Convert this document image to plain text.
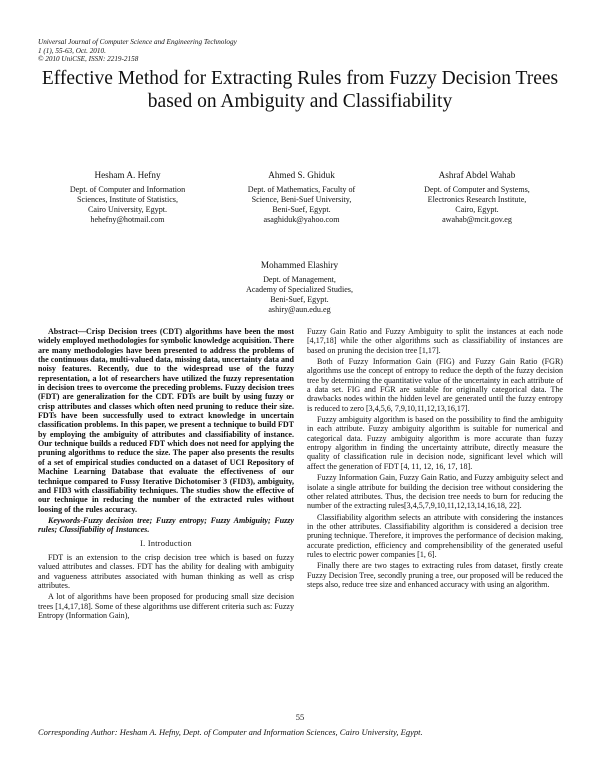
Universal Journal of Computer Science and Engineering Technology
1 (1), 55-63, Oct. 2010.
© 2010 UniCSE, ISSN: 2219-2158
Effective Method for Extracting Rules from Fuzzy Decision Trees based on Ambiguity and Classifiability
Hesham A. Hefny
Dept. of Computer and Information
Sciences, Institute of Statistics,
Cairo University, Egypt.
hehefny@hotmail.com
Ahmed S. Ghiduk
Dept. of Mathematics, Faculty of
Science, Beni-Suef University,
Beni-Suef, Egypt.
asaghiduk@yahoo.com
Ashraf Abdel Wahab
Dept. of Computer and Systems,
Electronics Research Institute,
Cairo, Egypt.
awahab@mcit.gov.eg
Mohammed Elashiry
Dept. of Management,
Academy of Specialized Studies,
Beni-Suef, Egypt.
ashiry@aun.edu.eg

Abstract—Crisp Decision trees (CDT) algorithms have been the most widely employed methodologies for symbolic knowledge acquisition. There are many methodologies have been presented to address the problems of the continuous data, multi-valued data, missing data, uncertainty data and noisy features. Recently, due to the widespread use of the fuzzy representation, a lot of researchers have utilized the fuzzy representation in decision trees to overcome the preceding problems. Fuzzy decision trees (FDT) are generalization for the CDT. FDTs are built by using fuzzy or crisp attributes and classes which often need pruning to reduce their size. FDTs have been successfully used to extract knowledge in uncertain classification problems. In this paper, we present a technique to build FDT by employing the ambiguity of attributes and classifiability of instance. Our technique builds a reduced FDT which does not need for applying the pruning algorithms to reduce the size. The paper also presents the results of a set of empirical studies conducted on a dataset of UCI Repository of Machine Learning Database that evaluate the effectiveness of our technique compared to Fussy Iterative Dichotomiser 3 (FID3), ambiguity, and FID3 with classifiability techniques. The studies show the effective of our technique in reducing the number of the extracted rules without loosing of the rules accuracy.

Keywords-Fuzzy decision tree; Fuzzy entropy; Fuzzy Ambiguity; Fuzzy rules; Classifiability of Instances.

I. Introduction

FDT is an extension to the crisp decision tree which is based on fuzzy valued attributes and classes. FDT has the ability for dealing with ambiguity and vagueness attributes associated with human thinking as well as crisp attributes.

A lot of algorithms have been proposed for producing small size decision trees [1,4,17,18]. Some of these algorithms use different criteria such as: Fuzzy Entropy (Information Gain),

Fuzzy Gain Ratio and Fuzzy Ambiguity to split the instances at each node [4,17,18] while the other algorithms such as classifiability of instances are based on pruning the decision tree [1,17].

Both of Fuzzy Information Gain (FIG) and Fuzzy Gain Ratio (FGR) algorithms use the concept of entropy to reduce the depth of the fuzzy decision tree by determining the quantitative value of the uncertainty in each attribute of a data set. FIG and FGR are suitable for originally categorical data. The drawbacks nodes within the hidden level are generated until the fuzzy entropy is reduced to zero [3,4,5,6, 7,9,10,11,12,13,16,17].

Fuzzy ambiguity algorithm is based on the possibility to find the ambiguity in each attribute. Fuzzy ambiguity algorithm is suitable for numerical and categorical data. Fuzzy ambiguity algorithm is more accurate than fuzzy entropy algorithm in finding the uncertainty attribute, directly measure the quality of classification rule in decision node, significant level which will affect the generation of FDT [4, 11, 12, 16, 17, 18].

Fuzzy Information Gain, Fuzzy Gain Ratio, and Fuzzy ambiguity select and isolate a single attribute for building the decision tree without considering the other related attributes. Thus, the decision tree needs to burn for reducing the number of the extracting rules[3,4,5,7,9,10,11,12,13,14,16,18, 22].

Classifiability algorithm selects an attribute with considering the instances in the other attributes. Classifiability algorithm is considered a decision tree pruning technique. Therefore, it improves the performance of decision making, accurate prediction, efficiency and comprehensibility of the generated useful rules to electric power companies [1, 6].

Finally there are two stages to extracting rules from dataset, firstly create Fuzzy Decision Tree, secondly pruning a tree, our proposed will be reduced the steps also, reduce tree size and enhanced accuracy with using an algorithm.

55
Corresponding Author: Hesham A. Hefny, Dept. of Computer and Information Sciences, Cairo University, Egypt.
